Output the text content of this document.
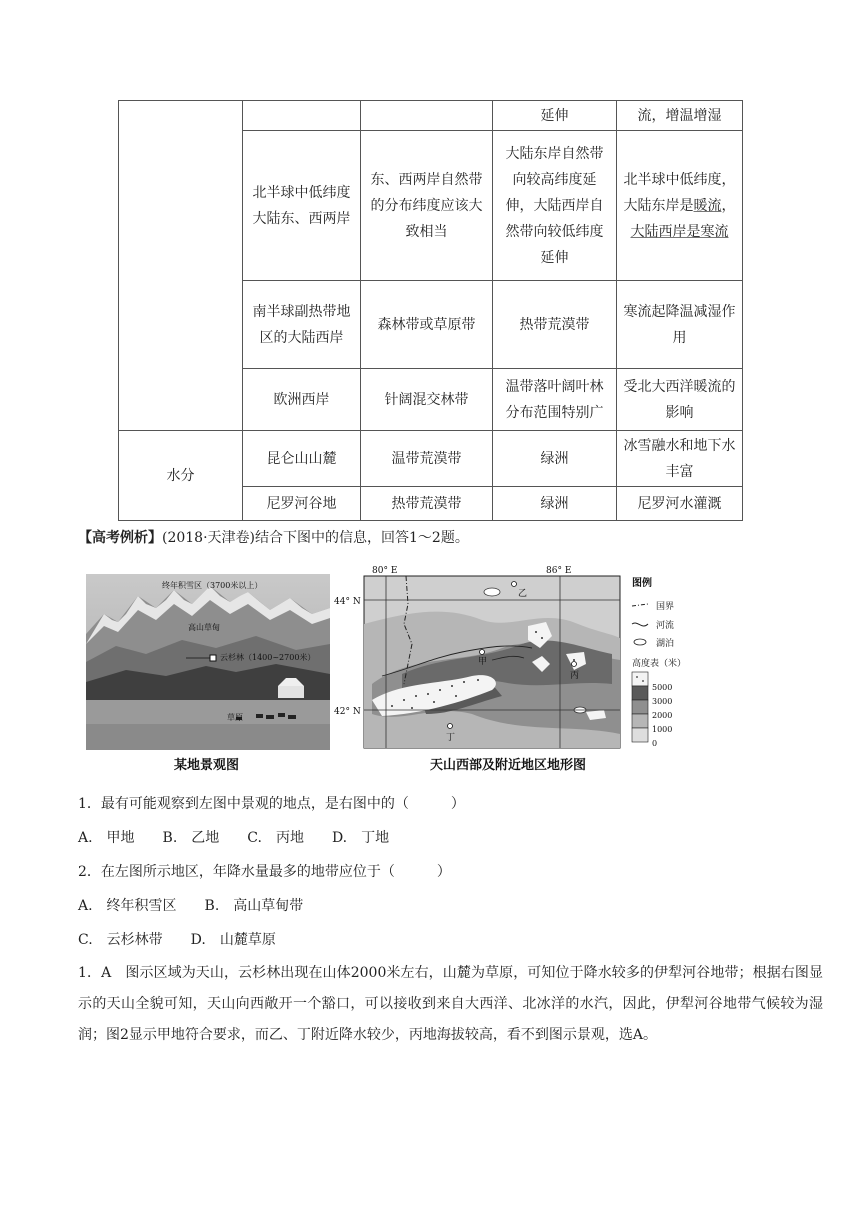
			延伸	流，增温增湿
	北半球中低纬度大陆东、西两岸	东、西两岸自然带的分布纬度应该大致相当	大陆东岸自然带向较高纬度延伸，大陆西岸自然带向较低纬度延伸	北半球中低纬度，大陆东岸是暖流，大陆西岸是寒流
	南半球副热带地区的大陆西岸	森林带或草原带	热带荒漠带	寒流起降温减湿作用
	欧洲西岸	针阔混交林带	温带落叶阔叶林分布范围特别广	受北大西洋暖流的影响
水分	昆仑山山麓	温带荒漠带	绿洲	冰雪融水和地下水丰富
	尼罗河谷地	热带荒漠带	绿洲	尼罗河水灌溉
【高考例析】(2018·天津卷)结合下图中的信息，回答1～2题。
终年积雪区（3700米以上）
高山草甸
云杉林（1400~2700米）
草原
某地景观图
80° E	86° E
44° N
42° N
甲
乙
丙
丁
图例
国界
河流
湖泊
高度表（米）
5000
3000
2000
1000
0
天山西部及附近地区地形图
1．最有可能观察到左图中景观的地点，是右图中的（　　　）
A.　甲地　　B.　乙地　　C.　丙地　　D.　丁地
2．在左图所示地区，年降水量最多的地带应位于（　　　）
A.　终年积雪区　　B.　高山草甸带
C.　云杉林带　　D.　山麓草原
1．A　 图示区域为天山，云杉林出现在山体2000米左右，山麓为草原，可知位于降水较多的伊犁河谷地带；根据右图显示的天山全貌可知，天山向西敞开一个豁口，可以接收到来自大西洋、北冰洋的水汽，因此，伊犁河谷地带气候较为湿润；图2显示甲地符合要求，而乙、丁附近降水较少，丙地海拔较高，看不到图示景观，选A。
